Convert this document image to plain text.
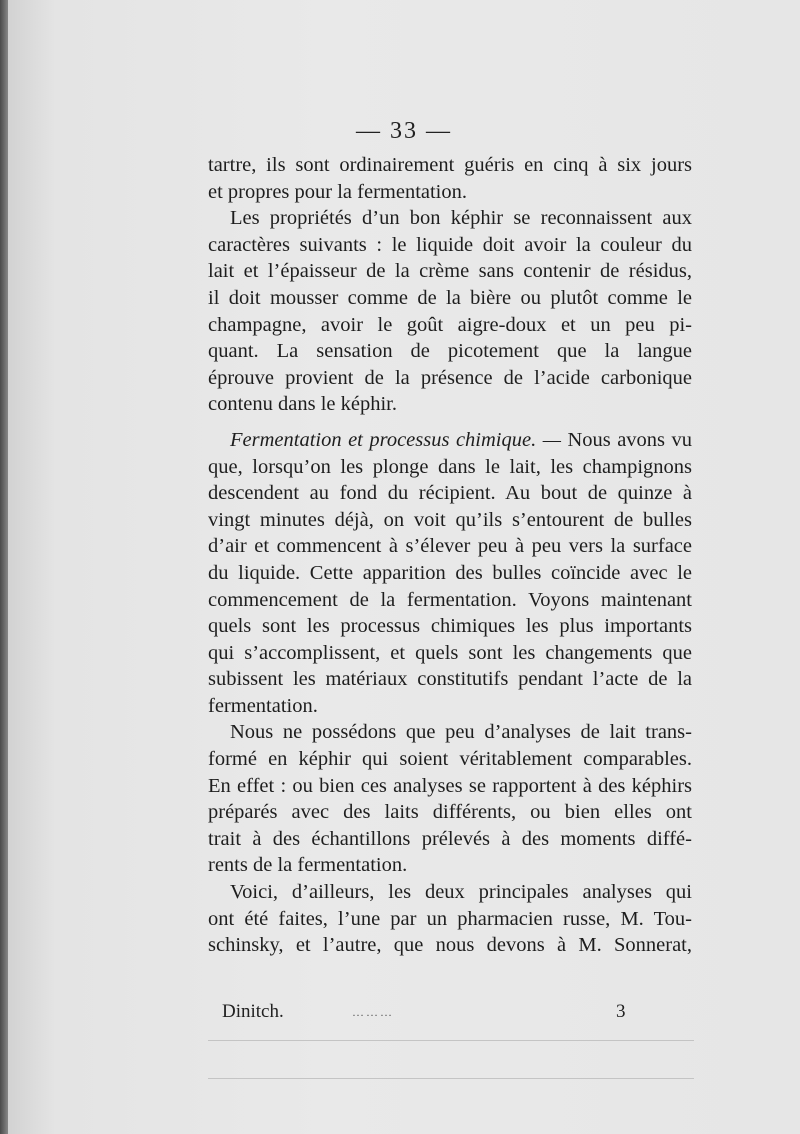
— 33 —
tartre, ils sont ordinairement guéris en cinq à six jours
et propres pour la fermentation.
Les propriétés d’un bon képhir se reconnaissent aux
caractères suivants : le liquide doit avoir la couleur du
lait et l’épaisseur de la crème sans contenir de résidus,
il doit mousser comme de la bière ou plutôt comme le
champagne, avoir le goût aigre-doux et un peu pi-
quant. La sensation de picotement que la langue
éprouve provient de la présence de l’acide carbonique
contenu dans le képhir.
Fermentation et processus chimique. — Nous avons vu
que, lorsqu’on les plonge dans le lait, les champignons
descendent au fond du récipient. Au bout de quinze à
vingt minutes déjà, on voit qu’ils s’entourent de bulles
d’air et commencent à s’élever peu à peu vers la surface
du liquide. Cette apparition des bulles coïncide avec le
commencement de la fermentation. Voyons maintenant
quels sont les processus chimiques les plus importants
qui s’accomplissent, et quels sont les changements que
subissent les matériaux constitutifs pendant l’acte de la
fermentation.
Nous ne possédons que peu d’analyses de lait trans-
formé en képhir qui soient véritablement comparables.
En effet : ou bien ces analyses se rapportent à des képhirs
préparés avec des laits différents, ou bien elles ont
trait à des échantillons prélevés à des moments diffé-
rents de la fermentation.
Voici, d’ailleurs, les deux principales analyses qui
ont été faites, l’une par un pharmacien russe, M. Tou-
schinsky, et l’autre, que nous devons à M. Sonnerat,
Dinitch.	………	3
